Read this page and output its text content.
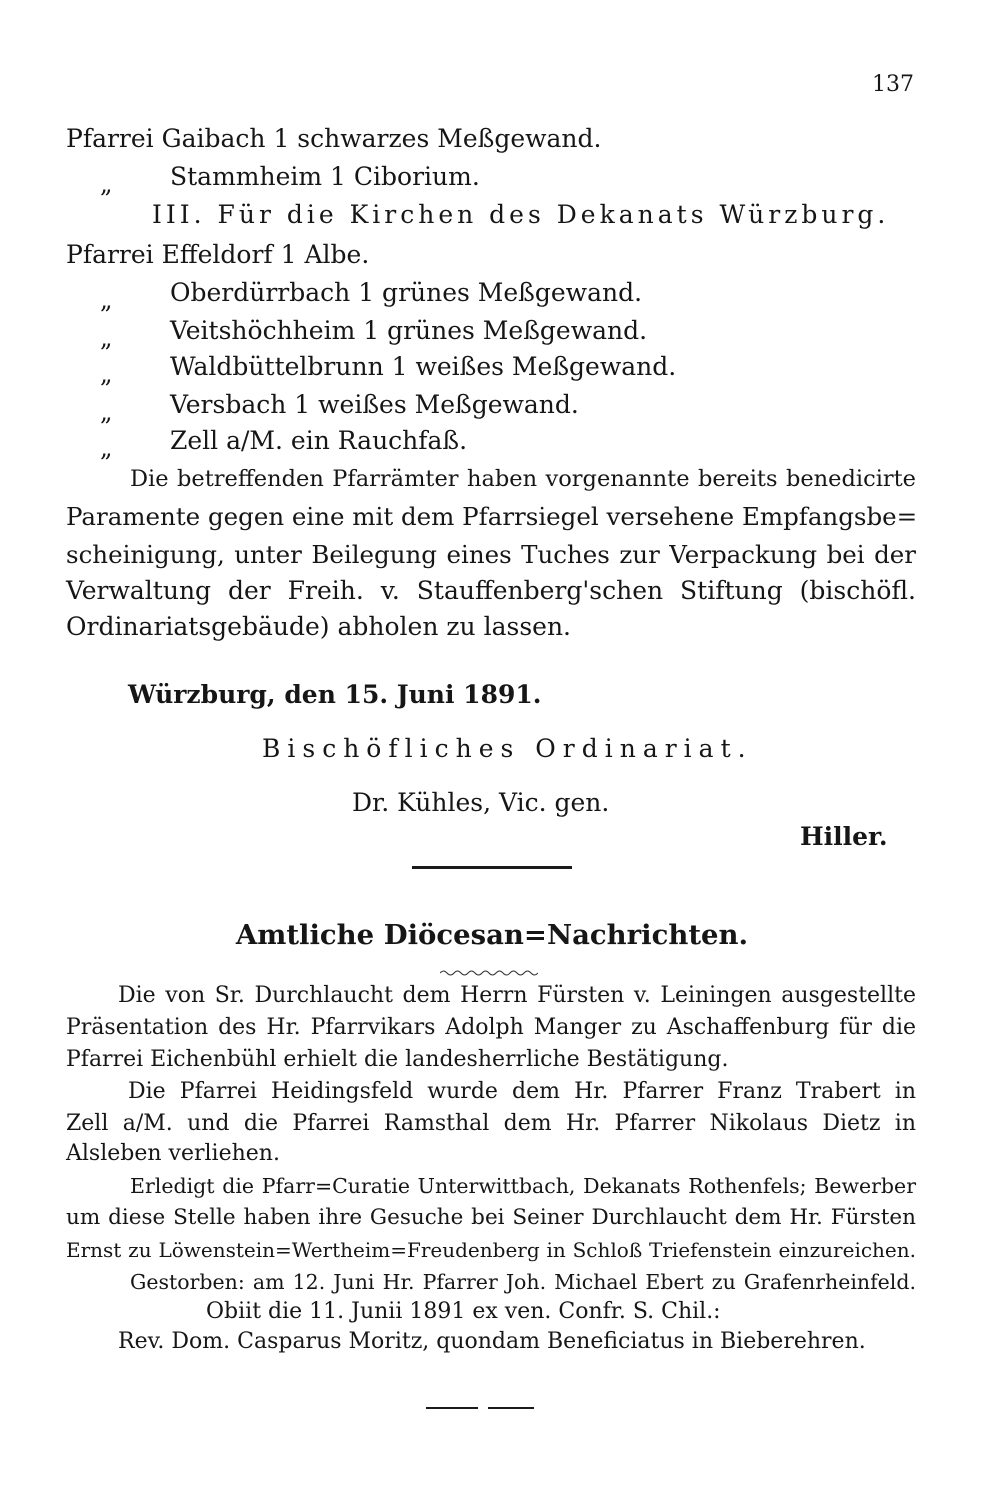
137
Pfarrei Gaibach 1 schwarzes Meßgewand.
„ Stammheim 1 Ciborium.
III. Für die Kirchen des Dekanats Würzburg.
Pfarrei Effeldorf 1 Albe.
„ Oberdürrbach 1 grünes Meßgewand.
„ Veitshöchheim 1 grünes Meßgewand.
„ Waldbüttelbrunn 1 weißes Meßgewand.
„ Versbach 1 weißes Meßgewand.
„ Zell a/M. ein Rauchfaß.
Die betreffenden Pfarrämter haben vorgenannte bereits benedicirte
Paramente gegen eine mit dem Pfarrsiegel versehene Empfangsbe=
scheinigung, unter Beilegung eines Tuches zur Verpackung bei der
Verwaltung der Freih. v. Stauffenberg'schen Stiftung (bischöfl.
Ordinariatsgebäude) abholen zu lassen.
Würzburg, den 15. Juni 1891.
Bischöfliches Ordinariat.
Dr. Kühles, Vic. gen.
Hiller.
Amtliche Diöcesan=Nachrichten.
Die von Sr. Durchlaucht dem Herrn Fürsten v. Leiningen ausgestellte
Präsentation des Hr. Pfarrvikars Adolph Manger zu Aschaffenburg für die
Pfarrei Eichenbühl erhielt die landesherrliche Bestätigung.
Die Pfarrei Heidingsfeld wurde dem Hr. Pfarrer Franz Trabert in
Zell a/M. und die Pfarrei Ramsthal dem Hr. Pfarrer Nikolaus Dietz in
Alsleben verliehen.
Erledigt die Pfarr=Curatie Unterwittbach, Dekanats Rothenfels; Bewerber
um diese Stelle haben ihre Gesuche bei Seiner Durchlaucht dem Hr. Fürsten
Ernst zu Löwenstein=Wertheim=Freudenberg in Schloß Triefenstein einzureichen.
Gestorben: am 12. Juni Hr. Pfarrer Joh. Michael Ebert zu Grafenrheinfeld.
Obiit die 11. Junii 1891 ex ven. Confr. S. Chil.:
Rev. Dom. Casparus Moritz, quondam Beneficiatus in Bieberehren.
